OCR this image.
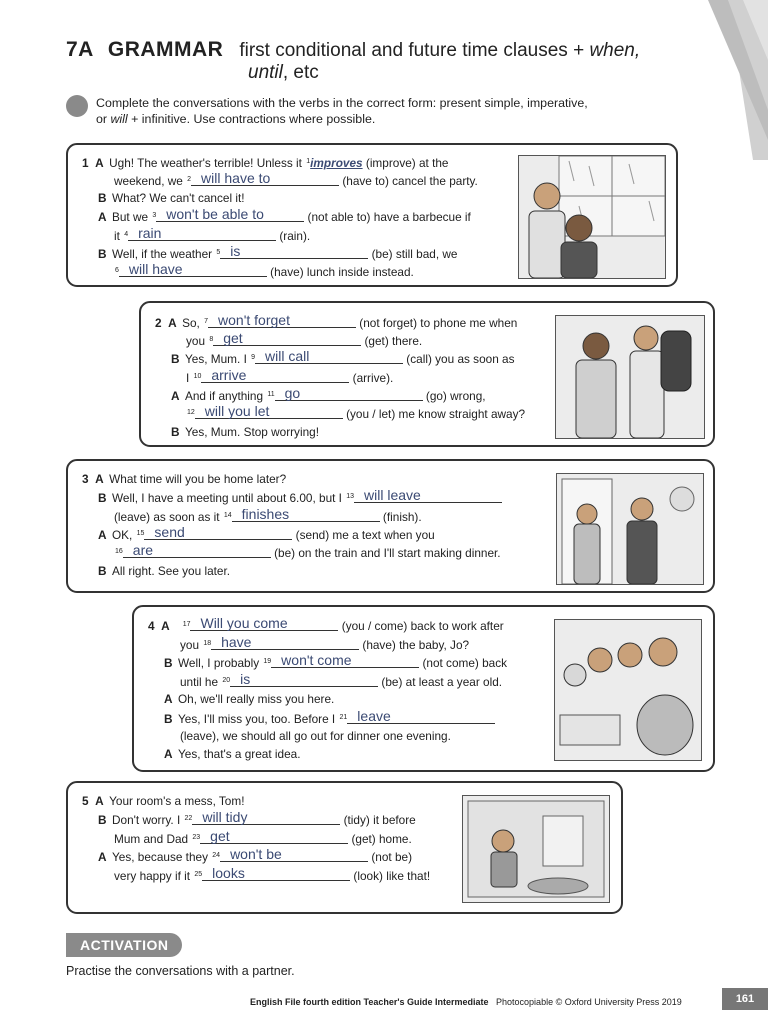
7A GRAMMAR first conditional and future time clauses + when,
until, etc
Complete the conversations with the verbs in the correct form: present simple, imperative,
or will + infinitive. Use contractions where possible.
1 A Ugh! The weather's terrible! Unless it $^1$improves (improve) at the
weekend, we $^2$ will have to	(have to) cancel the party.
B What? We can't cancel it!
A But we $^3$ won't be able to	(not able to) have a barbecue if
it $^4$ rain	(rain).
B Well, if the weather $^5$ is	(be) still bad, we
$^6$ will have	(have) lunch inside instead.
2 A So, $^7$ won't forget	(not forget) to phone me when
you $^8$ get	(get) there.
B Yes, Mum. I $^9$ will call	(call) you as soon as
I $^{10}$ arrive	(arrive).
A And if anything $^{11}$ go	(go) wrong,
$^{12}$ will you let	(you / let) me know straight away?
B Yes, Mum. Stop worrying!
3 A What time will you be home later?
B Well, I have a meeting until about 6.00, but I $^{13}$ will leave
(leave) as soon as it $^{14}$ finishes	(finish).
A OK, $^{15}$ send	(send) me a text when you
$^{16}$ are	(be) on the train and I'll start making dinner.
B All right. See you later.
4 A $^{17}$ Will you come	(you / come) back to work after
you $^{18}$ have	(have) the baby, Jo?
B Well, I probably $^{19}$ won't come	(not come) back
until he $^{20}$ is	(be) at least a year old.
A Oh, we'll really miss you here.
B Yes, I'll miss you, too. Before I $^{21}$ leave
(leave), we should all go out for dinner one evening.
A Yes, that's a great idea.
5 A Your room's a mess, Tom!
B Don't worry. I $^{22}$ will tidy	(tidy) it before
Mum and Dad $^{23}$ get	(get) home.
A Yes, because they $^{24}$ won't be	(not be)
very happy if it $^{25}$ looks	(look) like that!
ACTIVATION
Practise the conversations with a partner.
English File fourth edition Teacher's Guide Intermediate Photocopiable © Oxford University Press 2019	161
